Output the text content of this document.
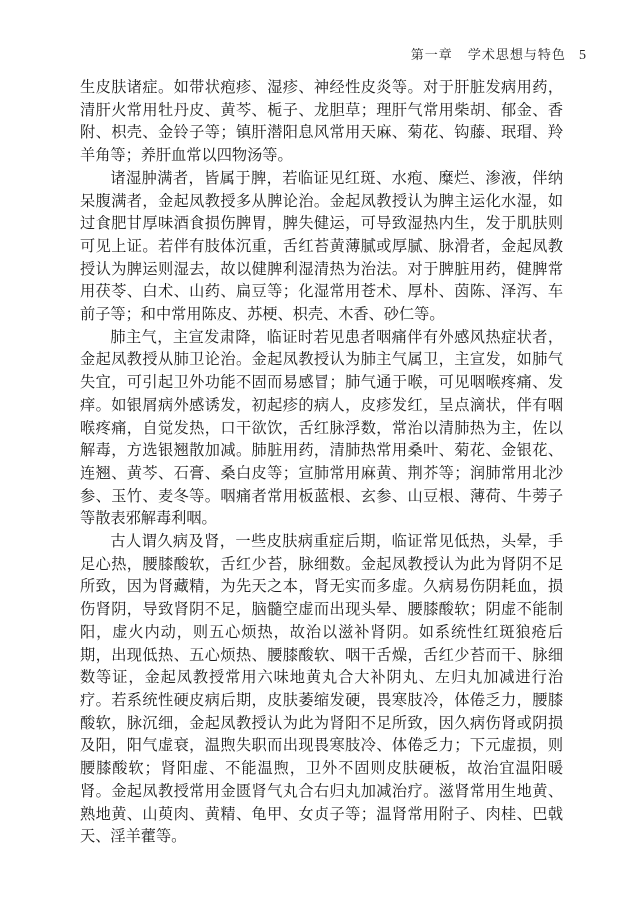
第一章 学术思想与特色 5

生皮肤诸症。如带状疱疹、湿疹、神经性皮炎等。对于肝脏发病用药，清肝火常用牡丹皮、黄芩、栀子、龙胆草；理肝气常用柴胡、郁金、香附、枳壳、金铃子等；镇肝潜阳息风常用天麻、菊花、钩藤、珉瑁、羚羊角等；养肝血常以四物汤等。

诸湿肿满者，皆属于脾，若临证见红斑、水疱、糜烂、渗液，伴纳呆腹满者，金起凤教授多从脾论治。金起凤教授认为脾主运化水湿，如过食肥甘厚味酒食损伤脾胃，脾失健运，可导致湿热内生，发于肌肤则可见上证。若伴有肢体沉重，舌红苔黄薄腻或厚腻、脉滑者，金起凤教授认为脾运则湿去，故以健脾利湿清热为治法。对于脾脏用药，健脾常用茯苓、白术、山药、扁豆等；化湿常用苍术、厚朴、茵陈、泽泻、车前子等；和中常用陈皮、苏梗、枳壳、木香、砂仁等。

肺主气，主宣发肃降，临证时若见患者咽痛伴有外感风热症状者，金起凤教授从肺卫论治。金起凤教授认为肺主气属卫，主宣发，如肺气失宜，可引起卫外功能不固而易感冒；肺气通于喉，可见咽喉疼痛、发痒。如银屑病外感诱发，初起疹的病人，皮疹发红，呈点滴状，伴有咽喉疼痛，自觉发热，口干欲饮，舌红脉浮数，常治以清肺热为主，佐以解毒，方选银翘散加减。肺脏用药，清肺热常用桑叶、菊花、金银花、连翘、黄芩、石膏、桑白皮等；宣肺常用麻黄、荆芥等；润肺常用北沙参、玉竹、麦冬等。咽痛者常用板蓝根、玄参、山豆根、薄荷、牛蒡子等散表邪解毒利咽。

古人谓久病及肾，一些皮肤病重症后期，临证常见低热，头晕，手足心热，腰膝酸软，舌红少苔，脉细数。金起凤教授认为此为肾阴不足所致，因为肾藏精，为先天之本，肾无实而多虚。久病易伤阴耗血，损伤肾阴，导致肾阴不足，脑髓空虚而出现头晕、腰膝酸软；阴虚不能制阳，虚火内动，则五心烦热，故治以滋补肾阴。如系统性红斑狼疮后期，出现低热、五心烦热、腰膝酸软、咽干舌燥，舌红少苔而干、脉细数等证，金起凤教授常用六味地黄丸合大补阴丸、左归丸加减进行治疗。若系统性硬皮病后期，皮肤萎缩发硬，畏寒肢冷，体倦乏力，腰膝酸软，脉沉细，金起凤教授认为此为肾阳不足所致，因久病伤肾或阴损及阳，阳气虚衰，温煦失职而出现畏寒肢冷、体倦乏力；下元虚损，则腰膝酸软；肾阳虚、不能温煦，卫外不固则皮肤硬板，故治宜温阳暖肾。金起凤教授常用金匮肾气丸合右归丸加减治疗。滋肾常用生地黄、熟地黄、山萸肉、黄精、龟甲、女贞子等；温肾常用附子、肉桂、巴戟天、淫羊藿等。
